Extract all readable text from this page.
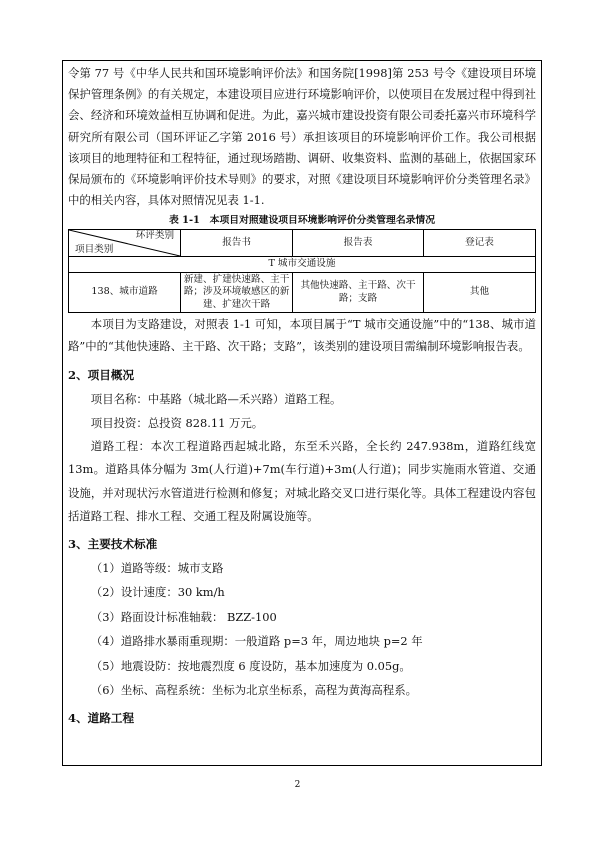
令第 77 号《中华人民共和国环境影响评价法》和国务院[1998]第 253 号令《建设项目环境保护管理条例》的有关规定，本建设项目应进行环境影响评价，以使项目在发展过程中得到社会、经济和环境效益相互协调和促进。为此，嘉兴城市建设投资有限公司委托嘉兴市环境科学研究所有限公司（国环评证乙字第 2016 号）承担该项目的环境影响评价工作。我公司根据该项目的地理特征和工程特征，通过现场踏勘、调研、收集资料、监测的基础上，依据国家环保局颁布的《环境影响评价技术导则》的要求，对照《建设项目环境影响评价分类管理名录》中的相关内容，具体对照情况见表 1-1.

表 1-1　本项目对照建设项目环境影响评价分类管理名录情况
环评类别
项目类别	报告书	报告表	登记表
T 城市交通设施			
138、城市道路	新建、扩建快速路、主干路；涉及环境敏感区的新建、扩建次干路	其他快速路、主干路、次干路；支路	其他

本项目为支路建设，对照表 1-1 可知，本项目属于“T 城市交通设施”中的“138、城市道路”中的“其他快速路、主干路、次干路；支路”，该类别的建设项目需编制环境影响报告表。

2、项目概况

项目名称：中基路（城北路—禾兴路）道路工程。

项目投资：总投资 828.11 万元。

道路工程：本次工程道路西起城北路，东至禾兴路，全长约 247.938m，道路红线宽 13m。道路具体分幅为 3m(人行道)+7m(车行道)+3m(人行道)；同步实施雨水管道、交通设施，并对现状污水管道进行检测和修复；对城北路交叉口进行渠化等。具体工程建设内容包括道路工程、排水工程、交通工程及附属设施等。

3、主要技术标准

（1）道路等级：城市支路

（2）设计速度：30 km/h

（3）路面设计标准轴载： BZZ-100

（4）道路排水暴雨重现期：一般道路 p=3 年，周边地块 p=2 年

（5）地震设防：按地震烈度 6 度设防，基本加速度为 0.05g。

（6）坐标、高程系统：坐标为北京坐标系，高程为黄海高程系。

4、道路工程
2
